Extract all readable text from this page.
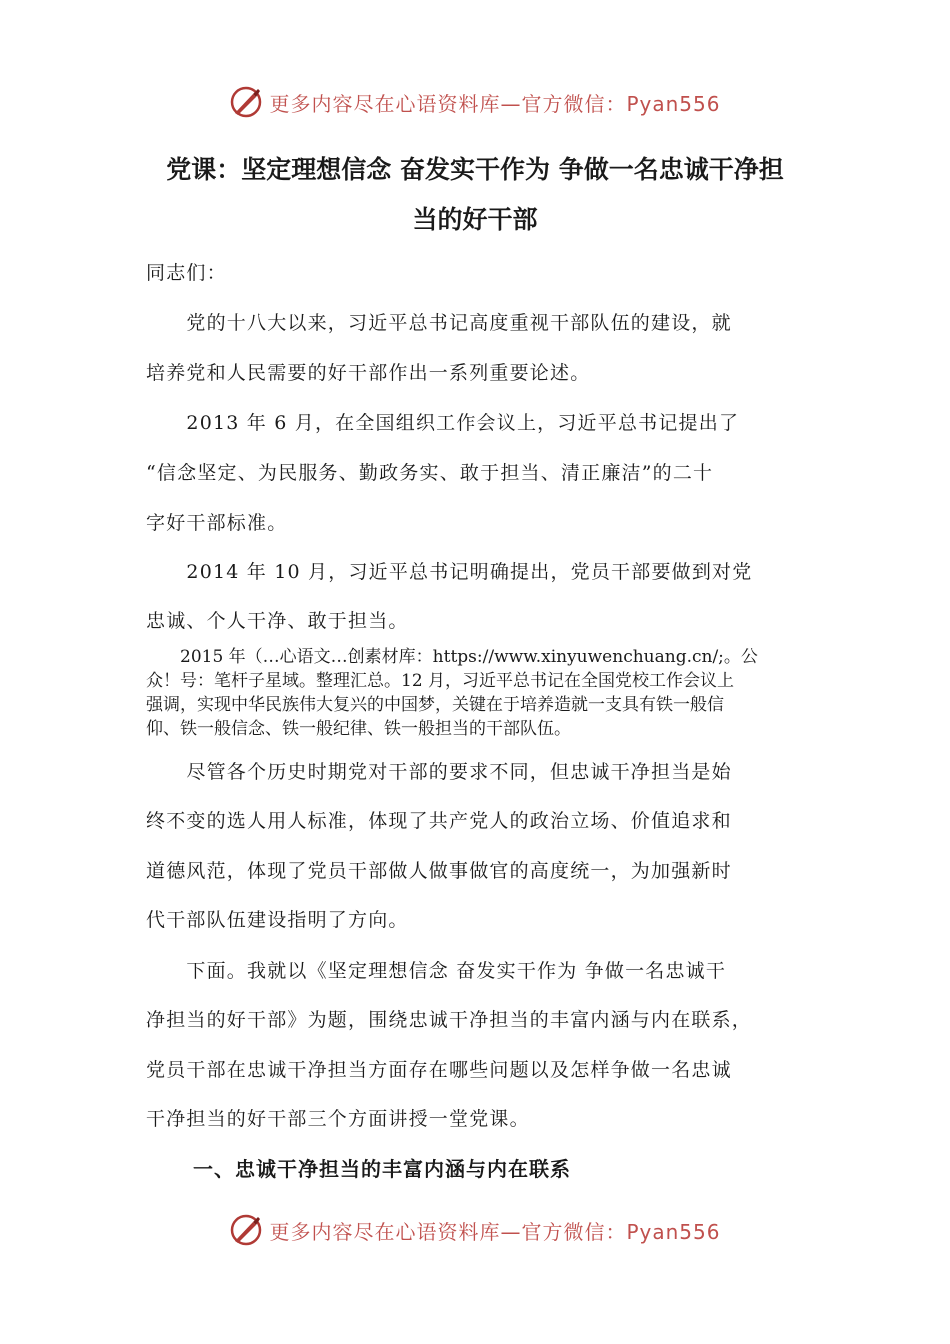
更多内容尽在心语资料库—官方微信：Pyan556
党课：坚定理想信念 奋发实干作为 争做一名忠诚干净担
当的好干部
同志们：
　　党的十八大以来，习近平总书记高度重视干部队伍的建设，就
培养党和人民需要的好干部作出一系列重要论述。
　　2013 年 6 月，在全国组织工作会议上，习近平总书记提出了
“信念坚定、为民服务、勤政务实、敢于担当、清正廉洁”的二十
字好干部标准。
　　2014 年 10 月，习近平总书记明确提出，党员干部要做到对党
忠诚、个人干净、敢于担当。
　　2015 年（…心语文…创素材库：https://www.xinyuwenchuang.cn/;。公
众！号：笔杆子星域。整理汇总。12 月，习近平总书记在全国党校工作会议上
强调，实现中华民族伟大复兴的中国梦，关键在于培养造就一支具有铁一般信
仰、铁一般信念、铁一般纪律、铁一般担当的干部队伍。
　　尽管各个历史时期党对干部的要求不同，但忠诚干净担当是始
终不变的选人用人标准，体现了共产党人的政治立场、价值追求和
道德风范，体现了党员干部做人做事做官的高度统一，为加强新时
代干部队伍建设指明了方向。
　　下面。我就以《坚定理想信念 奋发实干作为 争做一名忠诚干
净担当的好干部》为题，围绕忠诚干净担当的丰富内涵与内在联系，
党员干部在忠诚干净担当方面存在哪些问题以及怎样争做一名忠诚
干净担当的好干部三个方面讲授一堂党课。
一、忠诚干净担当的丰富内涵与内在联系
更多内容尽在心语资料库—官方微信：Pyan556
